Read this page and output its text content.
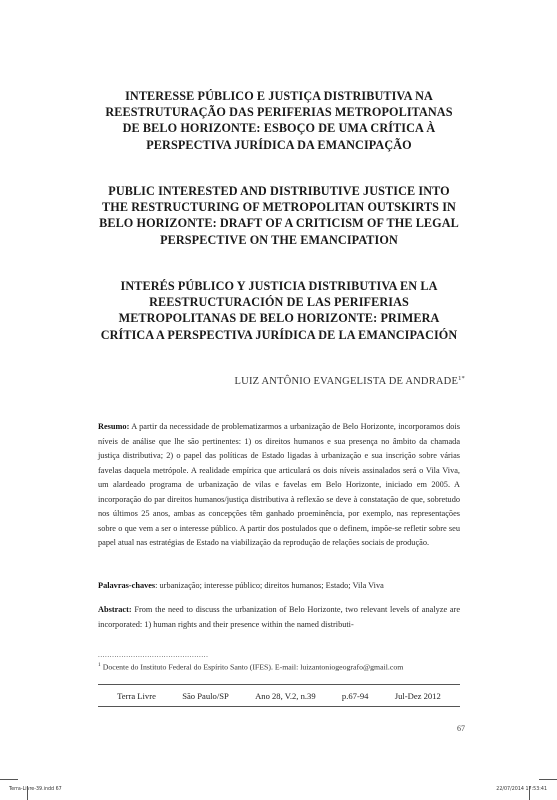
INTERESSE PÚBLICO E JUSTIÇA DISTRIBUTIVA NA REESTRUTURAÇÃO DAS PERIFERIAS METROPOLITANAS DE BELO HORIZONTE: ESBOÇO DE UMA CRÍTICA À PERSPECTIVA JURÍDICA DA EMANCIPAÇÃO
PUBLIC INTERESTED AND DISTRIBUTIVE JUSTICE INTO THE RESTRUCTURING OF METROPOLITAN OUTSKIRTS IN BELO HORIZONTE: DRAFT OF A CRITICISM OF THE LEGAL PERSPECTIVE ON THE EMANCIPATION
INTERÉS PÚBLICO Y JUSTICIA DISTRIBUTIVA EN LA REESTRUCTURACIÓN DE LAS PERIFERIAS METROPOLITANAS DE BELO HORIZONTE: PRIMERA CRÍTICA A PERSPECTIVA JURÍDICA DE LA EMANCIPACIÓN
LUIZ ANTÔNIO EVANGELISTA DE $ANDRADE^{1*}$

Resumo: A partir da necessidade de problematizarmos a urbanização de Belo Horizonte, incorporamos dois níveis de análise que lhe são pertinentes: 1) os direitos humanos e sua presença no âmbito da chamada justiça distributiva; 2) o papel das políticas de Estado ligadas à urbanização e sua inscrição sobre várias favelas daquela metrópole. A realidade empírica que articulará os dois níveis assinalados será o Vila Viva, um alardeado programa de urbanização de vilas e favelas em Belo Horizonte, iniciado em 2005. A incorporação do par direitos humanos/justiça distributiva à reflexão se deve à constatação de que, sobretudo nos últimos 25 anos, ambas as concepções têm ganhado proeminência, por exemplo, nas representações sobre o que vem a ser o interesse público. A partir dos postulados que o definem, impõe-se refletir sobre seu papel atual nas estratégias de Estado na viabilização da reprodução de relações sociais de produção.

Palavras-chaves: urbanização; interesse público; direitos humanos; Estado; Vila Viva

Abstract: From the need to discuss the urbanization of Belo Horizonte, two relevant levels of analyze are incorporated: 1) human rights and their presence within the named distributi-

...............................................
$^1$ Docente do Instituto Federal do Espírito Santo (IFES). E-mail: luizantoniogeografo@gmail.com
Terra Livre	São Paulo/SP	Ano 28, V.2, n.39	p.67-94	Jul-Dez 2012
67
Terra-Livre-39.indd 67	22/07/2014 17:53:41
